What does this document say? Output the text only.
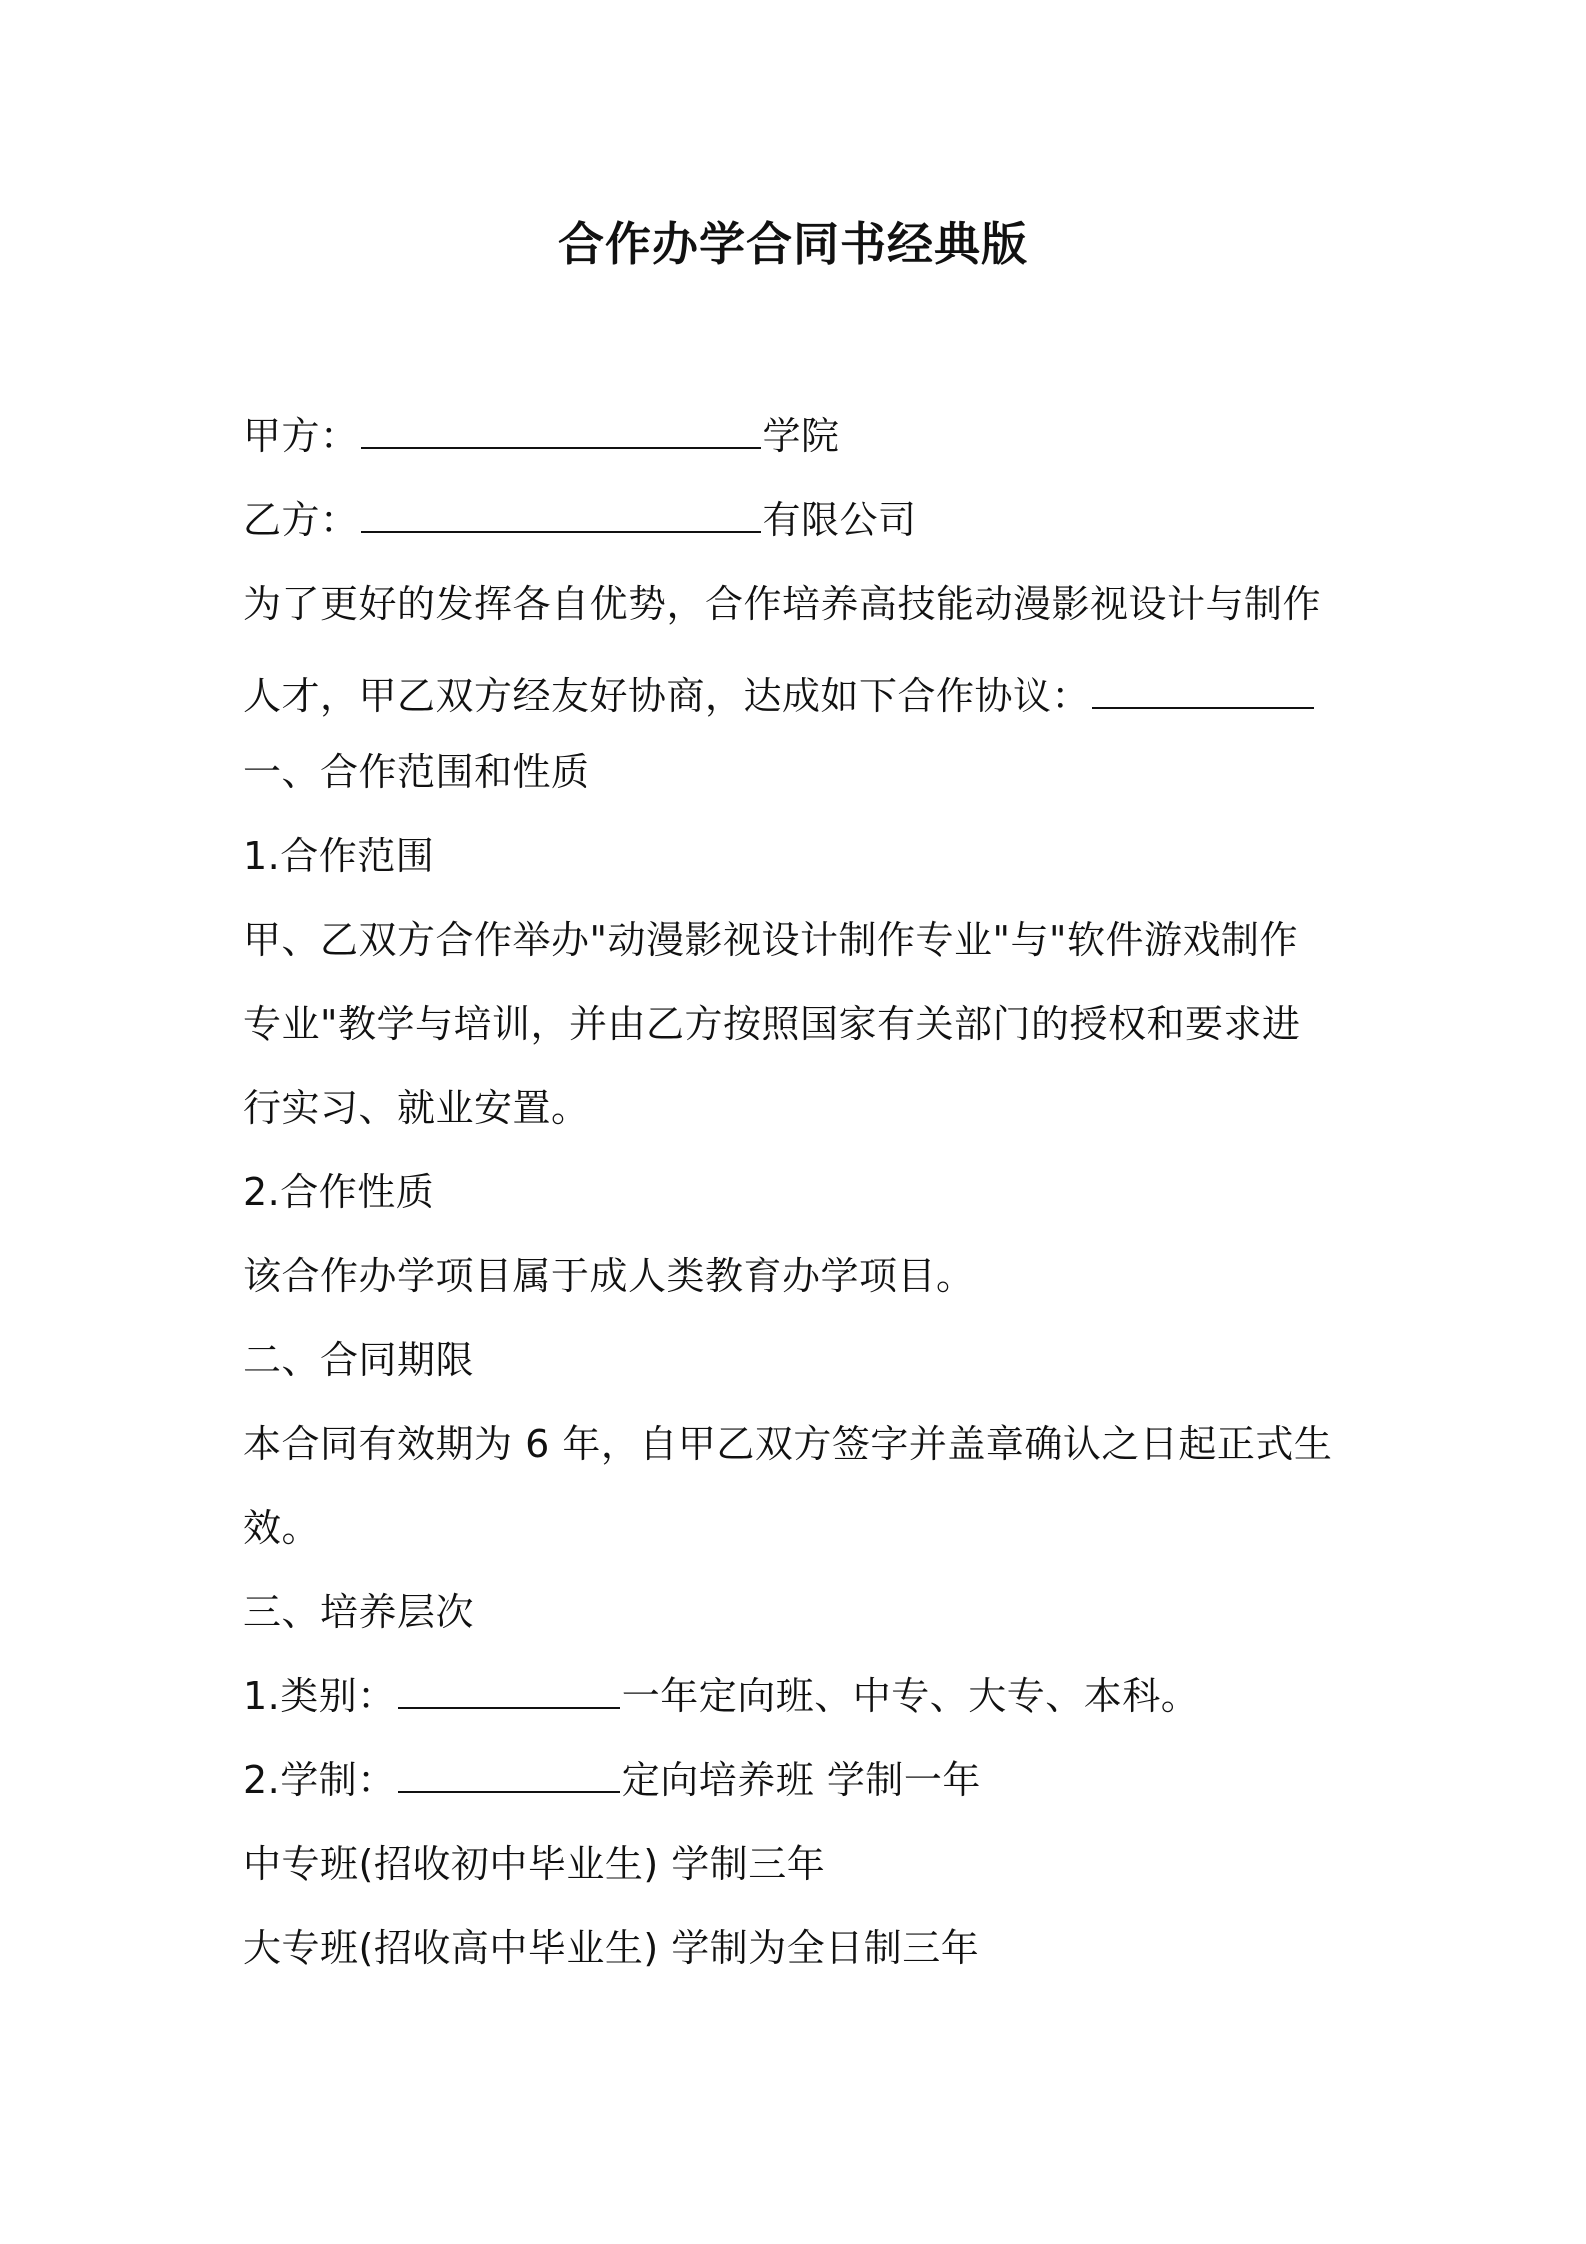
合作办学合同书经典版
甲方：	学院
乙方：	有限公司
为了更好的发挥各自优势，合作培养高技能动漫影视设计与制作
人才，甲乙双方经友好协商，达成如下合作协议：
一、合作范围和性质
1.合作范围
甲、乙双方合作举办"动漫影视设计制作专业"与"软件游戏制作
专业"教学与培训，并由乙方按照国家有关部门的授权和要求进
行实习、就业安置。
2.合作性质
该合作办学项目属于成人类教育办学项目。
二、合同期限
本合同有效期为 6 年，自甲乙双方签字并盖章确认之日起正式生
效。
三、培养层次
1.类别：	一年定向班、中专、大专、本科。
2.学制：	定向培养班 学制一年
中专班(招收初中毕业生) 学制三年
大专班(招收高中毕业生) 学制为全日制三年
